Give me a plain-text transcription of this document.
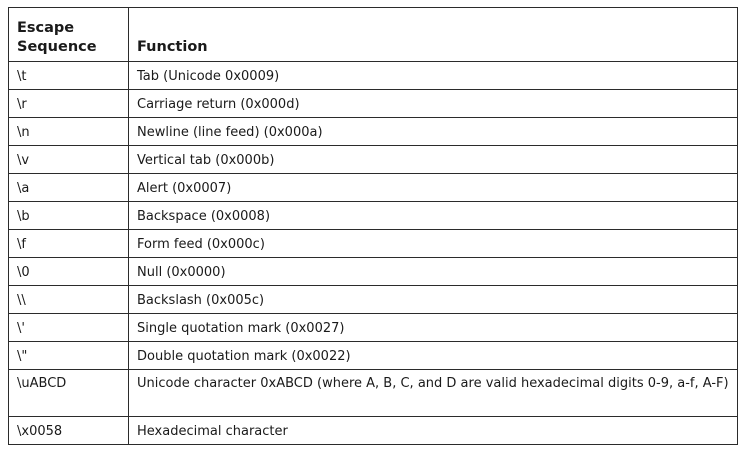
Escape
Sequence	Function
\t	Tab (Unicode 0x0009)
\r	Carriage return (0x000d)
\n	Newline (line feed) (0x000a)
\v	Vertical tab (0x000b)
\a	Alert (0x0007)
\b	Backspace (0x0008)
\f	Form feed (0x000c)
\0	Null (0x0000)
\\	Backslash (0x005c)
\'	Single quotation mark (0x0027)
\"	Double quotation mark (0x0022)
\uABCD	Unicode character 0xABCD (where A, B, C, and D are valid hexadecimal digits 0-9, a-f, A-F)
\x0058	Hexadecimal character
